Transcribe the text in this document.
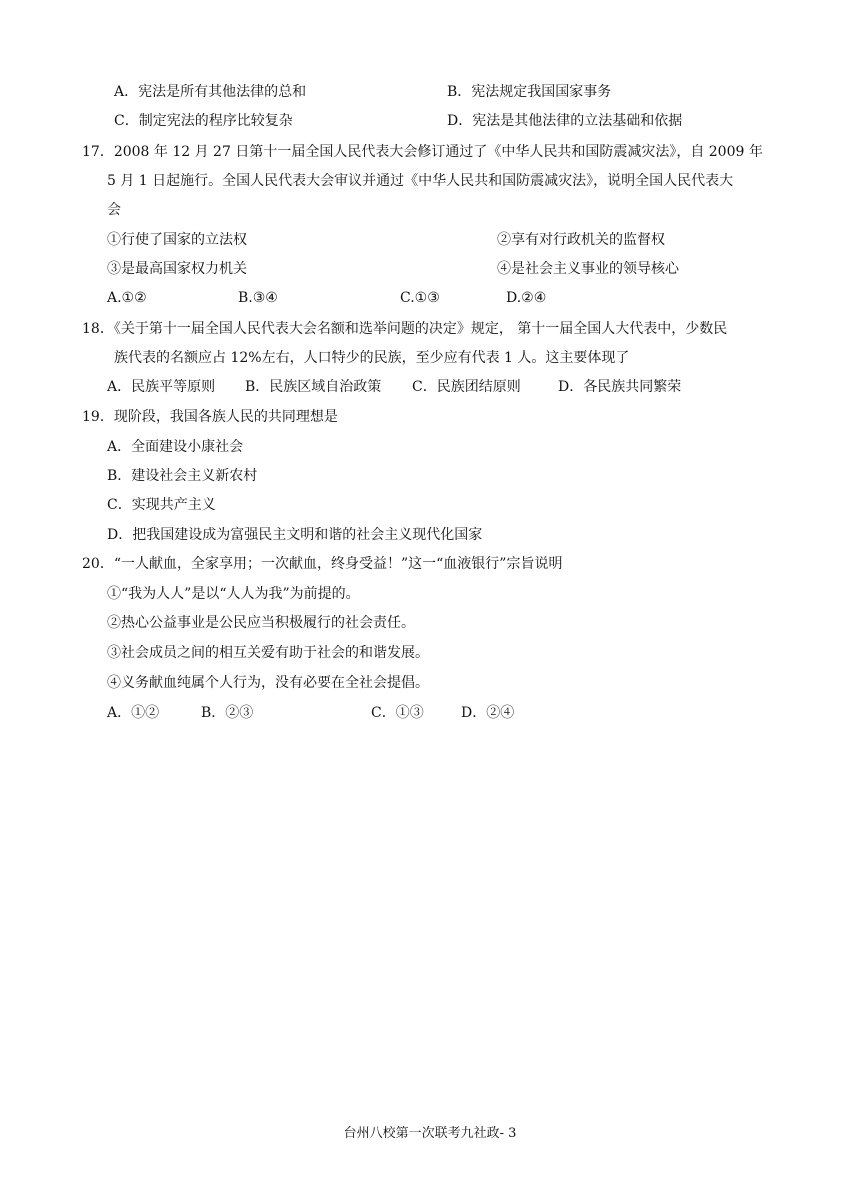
A．宪法是所有其他法律的总和	B．宪法规定我国国家事务
C．制定宪法的程序比较复杂	D．宪法是其他法律的立法基础和依据
17．2008 年 12 月 27 日第十一届全国人民代表大会修订通过了《中华人民共和国防震减灾法》，自 2009 年
5 月 1 日起施行。全国人民代表大会审议并通过《中华人民共和国防震减灾法》，说明全国人民代表大
会
①行使了国家的立法权	②享有对行政机关的监督权
③是最高国家权力机关	④是社会主义事业的领导核心
A.①②	B.③④	C.①③	D.②④
18．《关于第十一届全国人民代表大会名额和选举问题的决定》规定， 第十一届全国人大代表中，少数民
族代表的名额应占 12%左右，人口特少的民族，至少应有代表 1 人。这主要体现了
A．民族平等原则 B．民族区域自治政策 C．民族团结原则	D．各民族共同繁荣
19．现阶段，我国各族人民的共同理想是
A．全面建设小康社会
B．建设社会主义新农村
C．实现共产主义
D．把我国建设成为富强民主文明和谐的社会主义现代化国家
20．“一人献血，全家享用；一次献血，终身受益！”这一“血液银行”宗旨说明
①“我为人人”是以“人人为我”为前提的。
②热心公益事业是公民应当积极履行的社会责任。
③社会成员之间的相互关爱有助于社会的和谐发展。
④义务献血纯属个人行为，没有必要在全社会提倡。
A．①②	B．②③	C．①③	D．②④
台州八校第一次联考九社政- 3
